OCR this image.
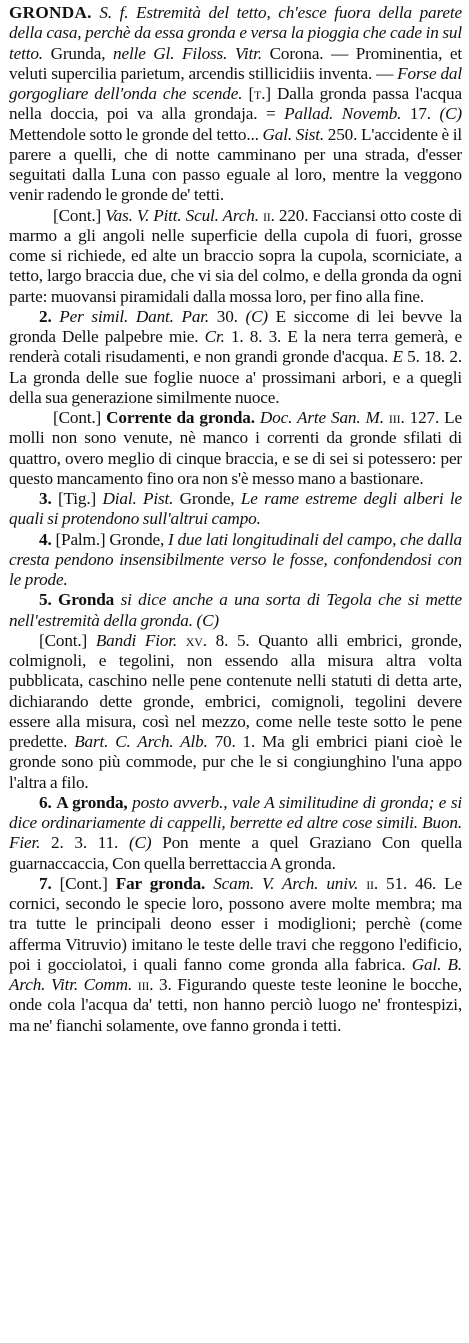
GRONDA. S. f. Estremità del tetto, ch'esce fuora della parete della casa, perchè da essa gronda e versa la pioggia che cade in sul tetto. Grunda, nelle Gl. Filoss. Vitr. Corona. — Prominentia, et veluti supercilia parietum, arcendis stillicidiis inventa. — Forse dal gorgogliare dell'onda che scende. [t.] Dalla gronda passa l'acqua nella doccia, poi va alla grondaja. = Pallad. Novemb. 17. (C) Mettendole sotto le gronde del tetto... Gal. Sist. 250. L'accidente è il parere a quelli, che di notte camminano per una strada, d'esser seguitati dalla Luna con passo eguale al loro, mentre la veggono venir radendo le gronde de' tetti.

[Cont.] Vas. V. Pitt. Scul. Arch. ii. 220. Facciansi otto coste di marmo a gli angoli nelle superficie della cupola di fuori, grosse come si richiede, ed alte un braccio sopra la cupola, scorniciate, a tetto, largo braccia due, che vi sia del colmo, e della gronda da ogni parte: muovansi piramidali dalla mossa loro, per fino alla fine.

2. Per simil. Dant. Par. 30. (C) E siccome di lei bevve la gronda Delle palpebre mie. Cr. 1. 8. 3. E la nera terra gemerà, e renderà cotali risudamenti, e non grandi gronde d'acqua. E 5. 18. 2. La gronda delle sue foglie nuoce a' prossimani arbori, e a quegli della sua generazione similmente nuoce.

[Cont.] Corrente da gronda. Doc. Arte San. M. iii. 127. Le molli non sono venute, nè manco i correnti da gronde sfilati di quattro, overo meglio di cinque braccia, e se di sei si potessero: per questo mancamento fino ora non s'è messo mano a bastionare.

3. [Tig.] Dial. Pist. Gronde, Le rame estreme degli alberi le quali si protendono sull'altrui campo.

4. [Palm.] Gronde, I due lati longitudinali del campo, che dalla cresta pendono insensibilmente verso le fosse, confondendosi con le prode.

5. Gronda si dice anche a una sorta di Tegola che si mette nell'estremità della gronda. (C)

[Cont.] Bandi Fior. xv. 8. 5. Quanto alli embrici, gronde, colmignoli, e tegolini, non essendo alla misura altra volta pubblicata, caschino nelle pene contenute nelli statuti di detta arte, dichiarando dette gronde, embrici, comignoli, tegolini devere essere alla misura, così nel mezzo, come nelle teste sotto le pene predette. Bart. C. Arch. Alb. 70. 1. Ma gli embrici piani cioè le gronde sono più commode, pur che le si congiunghino l'una appo l'altra a filo.

6. A gronda, posto avverb., vale A similitudine di gronda; e si dice ordinariamente di cappelli, berrette ed altre cose simili. Buon. Fier. 2. 3. 11. (C) Pon mente a quel Graziano Con quella guarnaccaccia, Con quella berrettaccia A gronda.

7. [Cont.] Far gronda. Scam. V. Arch. univ. ii. 51. 46. Le cornici, secondo le specie loro, possono avere molte membra; ma tra tutte le principali deono esser i modiglioni; perchè (come afferma Vitruvio) imitano le teste delle travi che reggono l'edificio, poi i gocciolatoi, i quali fanno come gronda alla fabrica. Gal. B. Arch. Vitr. Comm. iii. 3. Figurando queste teste leonine le bocche, onde cola l'acqua da' tetti, non hanno perciò luogo ne' frontespizi, ma ne' fianchi solamente, ove fanno gronda i tetti.
